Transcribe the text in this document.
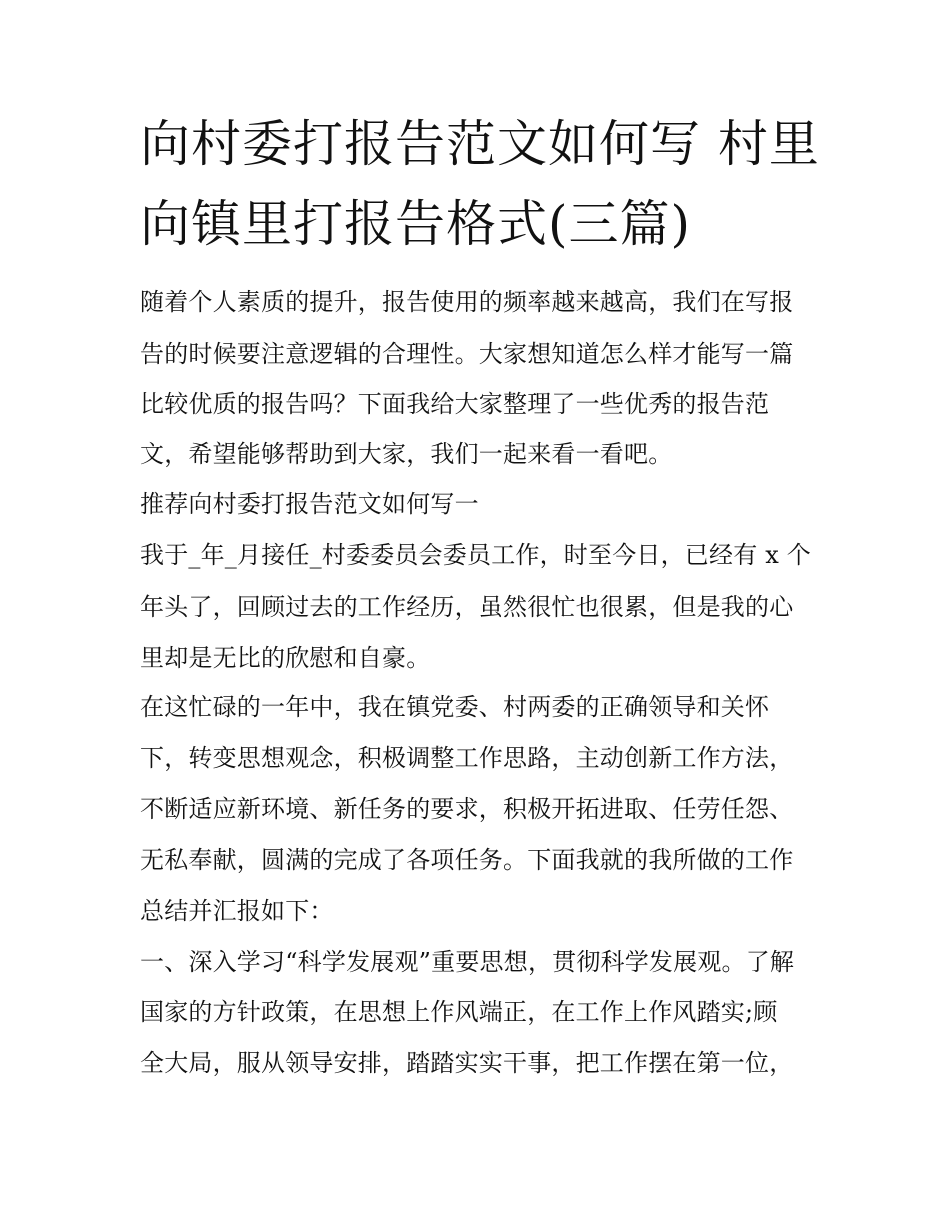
向村委打报告范文如何写 村里
向镇里打报告格式(三篇)
随着个人素质的提升，报告使用的频率越来越高，我们在写报
告的时候要注意逻辑的合理性。大家想知道怎么样才能写一篇
比较优质的报告吗？下面我给大家整理了一些优秀的报告范
文，希望能够帮助到大家，我们一起来看一看吧。
推荐向村委打报告范文如何写一
我于_年_月接任_村委委员会委员工作，时至今日，已经有 x 个
年头了，回顾过去的工作经历，虽然很忙也很累，但是我的心
里却是无比的欣慰和自豪。
在这忙碌的一年中，我在镇党委、村两委的正确领导和关怀
下，转变思想观念，积极调整工作思路，主动创新工作方法，
不断适应新环境、新任务的要求，积极开拓进取、任劳任怨、
无私奉献，圆满的完成了各项任务。下面我就的我所做的工作
总结并汇报如下：
一、深入学习“科学发展观”重要思想，贯彻科学发展观。了解
国家的方针政策，在思想上作风端正，在工作上作风踏实;顾
全大局，服从领导安排，踏踏实实干事，把工作摆在第一位，
